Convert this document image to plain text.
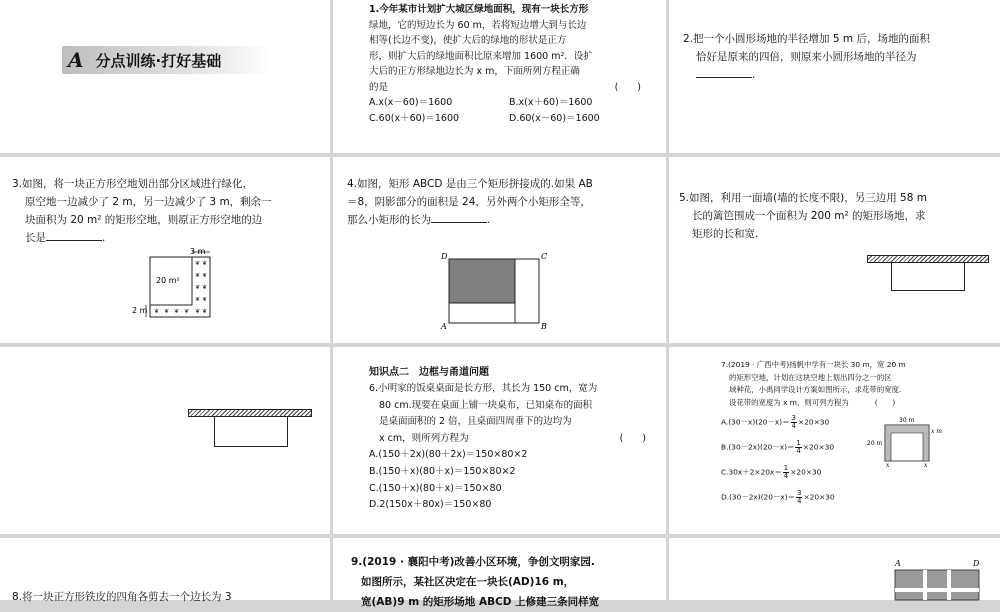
A 分点训练·打好基础
1.今年某市计划扩大城区绿地面积，现有一块长方形
绿地，它的短边长为 60 m，若将短边增大到与长边
相等(长边不变)，使扩大后的绿地的形状是正方
形，则扩大后的绿地面积比原来增加 1600 m²．设扩
大后的正方形绿地边长为 x m，下面所列方程正确
的是	(　　)
A.x(x－60)＝1600	B.x(x＋60)＝1600
C.60(x＋60)＝1600	D.60(x－60)＝1600
2.把一个小圆形场地的半径增加 5 m 后，场地的面积
恰好是原来的四倍，则原来小圆形场地的半径为
.
3.如图，将一块正方形空地划出部分区域进行绿化，
原空地一边减少了 2 m，另一边减少了 3 m，剩余一
块面积为 20 m² 的矩形空地，则原正方形空地的边
长是	.
❦ ❦
❦ ❦
❦ ❦
❦ ❦
❦ ❦ ❦ ❦ ❦ ❦
3 m
20 m²
2 m
4.如图，矩形 ABCD 是由三个矩形拼接成的.如果 AB
＝8，阴影部分的面积是 24，另外两个小矩形全等，
那么小矩形的长为	.
D	C
A	B
5.如图，利用一面墙(墙的长度不限)，另三边用 58 m
长的篱笆围成一个面积为 200 m² 的矩形场地，求
矩形的长和宽.
知识点二　边框与甬道问题
6.小明家的饭桌桌面是长方形，其长为 150 cm，宽为
80 cm.现要在桌面上铺一块桌布，已知桌布的面积
是桌面面积的 2 倍，且桌面四周垂下的边均为
x cm，则所列方程为	(　　)
A.(150＋2x)(80＋2x)＝150×80×2
B.(150＋x)(80＋x)＝150×80×2
C.(150＋x)(80＋x)＝150×80
D.2(150x＋80x)＝150×80
7.(2019 · 广西中考)扬帆中学有一块长 30 m，宽 20 m
的矩形空地，计划在这块空地上划出四分之一的区
域种花，小禹同学设计方案如图所示，求花带的宽度.
设花带的宽度为 x m，则可列方程为	(　　)
$A.(30-x)(20-x)= \frac{3}{4} \times 20\times 30$
$B.(30-2x)(20-x)= \frac{1}{4} \times 20\times 30$
$C.30x+2\times 20x= \frac{1}{4} \times 20\times 30$
$D.(30-2x)(20-x)= \frac{3}{4} \times 20\times 30$
30 m
20 m
x m
x	x
8.将一块正方形铁皮的四角各剪去一个边长为 3
9.(2019 · 襄阳中考)改善小区环境，争创文明家园.
如图所示，某社区决定在一块长(AD)16 m，
宽(AB)9 m 的矩形场地 ABCD 上修建三条同样宽
A	D
